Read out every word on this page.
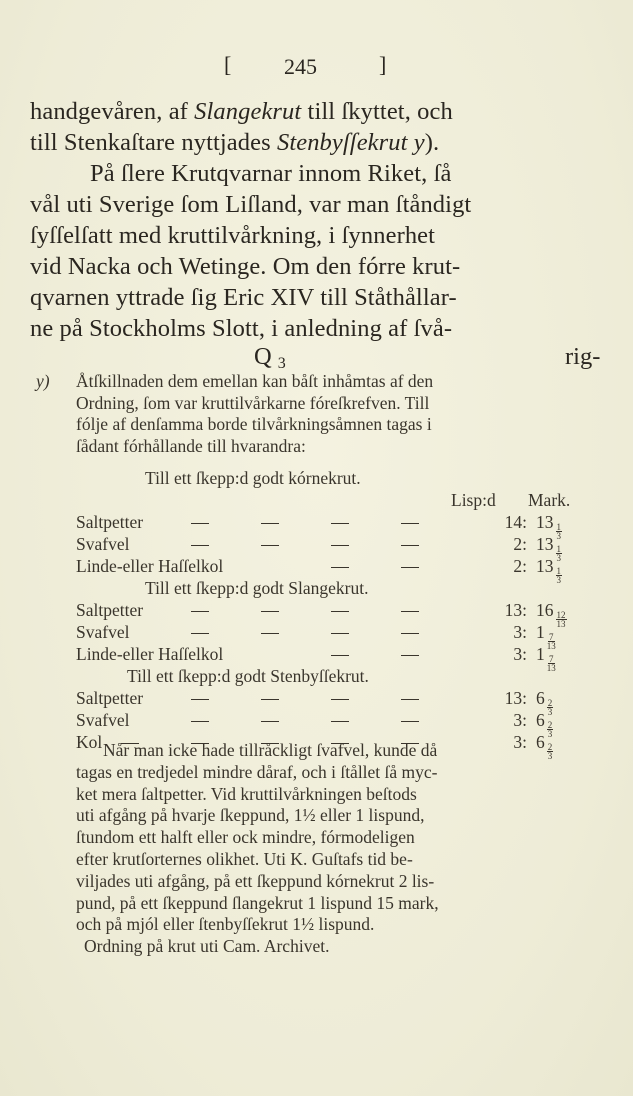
[ 245	]
handgevåren, af Slangekrut till ſkyttet, och
till Stenkaſtare nyttjades Stenbyſſekrut y).
På ſlere Krutqvarnar innom Riket, ſå
vål uti Sverige ſom Liſland, var man ſtåndigt
ſyſſelſatt med kruttilvårkning, i ſynnerhet
vid Nacka och Wetinge. Om den fórre krut-
qvarnen yttrade ſig Eric XIV till Ståthållar-
ne på Stockholms Slott, i anledning af ſvå-
Q $_3$	rig-
y) Åtſkillnaden dem emellan kan båſt inhåmtas af den
Ordning, ſom var kruttilvårkarne fóreſkrefven. Till
fólje af denſamma borde tilvårkningsåmnen tagas i
ſådant fórhållande till hvarandra:
Till ett ſkepp:d godt kórnekrut.
Lisp:d Mark.
Saltpetter	14: $13 \frac{1}{3}$
Svafvel	2: $13 \frac{1}{3}$
Linde-eller Haſſelkol	2: $13 \frac{1}{3}$
Till ett ſkepp:d godt Slangekrut.
Saltpetter	13: $16 \frac{12}{13}$
Svafvel	3: $1 \frac{7}{13}$
Linde-eller Haſſelkol	3: $1 \frac{7}{13}$
Till ett ſkepp:d godt Stenbyſſekrut.
Saltpetter	13: $6 \frac{2}{3}$
Svafvel	3: $6 \frac{2}{3}$
Kol	3: $6 \frac{2}{3}$
Når man icke hade tillråckligt ſvafvel, kunde då
tagas en tredjedel mindre dåraf, och i ſtållet ſå myc-
ket mera ſaltpetter. Vid kruttilvårkningen beſtods
uti afgång på hvarje ſkeppund, 1½ eller 1 lispund,
ſtundom ett halft eller ock mindre, fórmodeligen
efter krutſorternes olikhet. Uti K. Guſtafs tid be-
viljades uti afgång, på ett ſkeppund kórnekrut 2 lis-
pund, på ett ſkeppund ſlangekrut 1 lispund 15 mark,
och på mjól eller ſtenbyſſekrut 1½ lispund.
Ordning på krut uti Cam. Archivet.
